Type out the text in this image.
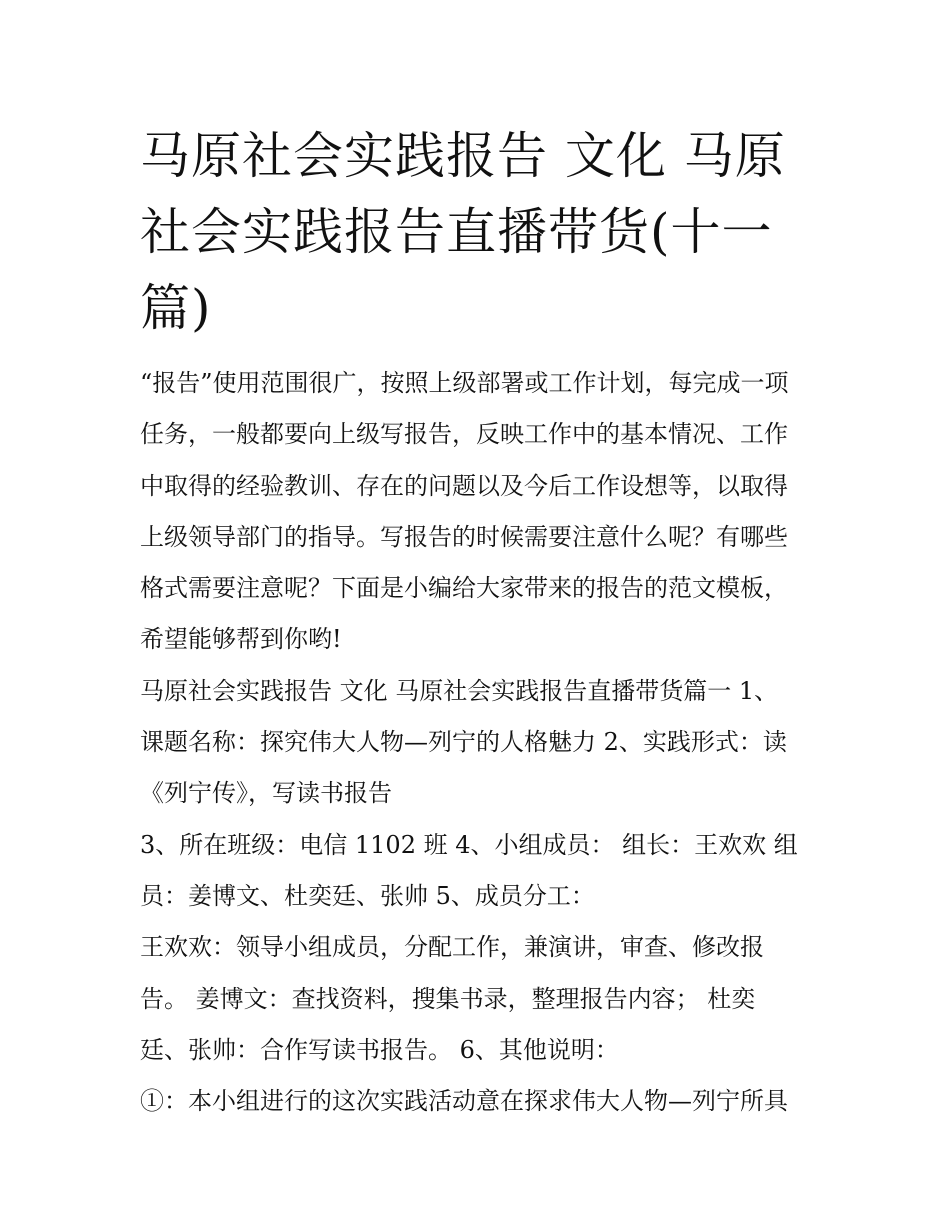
马原社会实践报告 文化 马原
社会实践报告直播带货(十一
篇)
“报告”使用范围很广，按照上级部署或工作计划，每完成一项
任务，一般都要向上级写报告，反映工作中的基本情况、工作
中取得的经验教训、存在的问题以及今后工作设想等，以取得
上级领导部门的指导。写报告的时候需要注意什么呢？有哪些
格式需要注意呢？下面是小编给大家带来的报告的范文模板，
希望能够帮到你哟!
马原社会实践报告 文化 马原社会实践报告直播带货篇一 1、
课题名称：探究伟大人物—列宁的人格魅力 2、实践形式：读
《列宁传》，写读书报告
3、所在班级：电信 1102 班 4、小组成员： 组长：王欢欢 组
员：姜博文、杜奕廷、张帅 5、成员分工：
王欢欢：领导小组成员，分配工作，兼演讲，审查、修改报
告。 姜博文：查找资料，搜集书录，整理报告内容； 杜奕
廷、张帅：合作写读书报告。 6、其他说明：
①：本小组进行的这次实践活动意在探求伟大人物—列宁所具
